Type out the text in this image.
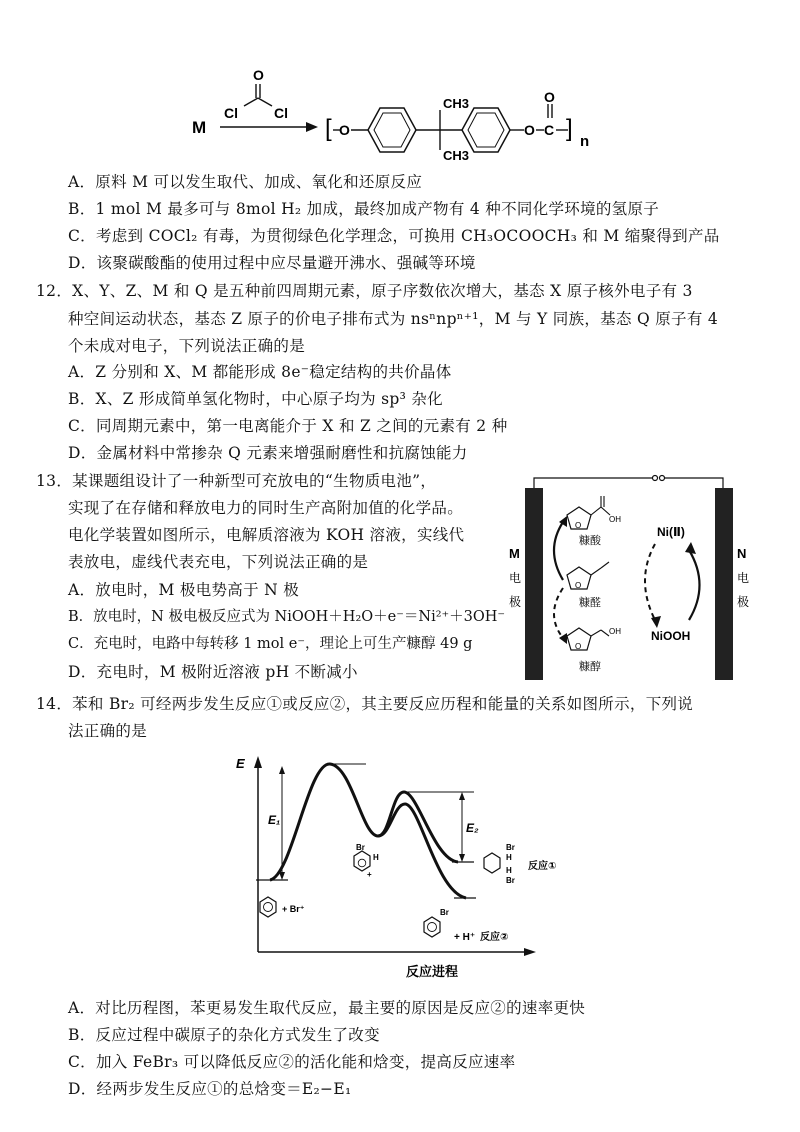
M
O
Cl	Cl
[ O
CH3
CH3
O C
O
] n
A．原料 M 可以发生取代、加成、氧化和还原反应
B．1 mol M 最多可与 8mol H₂ 加成，最终加成产物有 4 种不同化学环境的氢原子
C．考虑到 COCl₂ 有毒，为贯彻绿色化学理念，可换用 CH₃OCOOCH₃ 和 M 缩聚得到产品
D．该聚碳酸酯的使用过程中应尽量避开沸水、强碱等环境
12．X、Y、Z、M 和 Q 是五种前四周期元素，原子序数依次增大，基态 X 原子核外电子有 3
种空间运动状态，基态 Z 原子的价电子排布式为 nsⁿnpⁿ⁺¹，M 与 Y 同族，基态 Q 原子有 4
个未成对电子，下列说法正确的是
A．Z 分别和 X、M 都能形成 8e⁻稳定结构的共价晶体
B．X、Z 形成简单氢化物时，中心原子均为 sp³ 杂化
C．同周期元素中，第一电离能介于 X 和 Z 之间的元素有 2 种
D．金属材料中常掺杂 Q 元素来增强耐磨性和抗腐蚀能力
13．某课题组设计了一种新型可充放电的“生物质电池”，
实现了在存储和释放电力的同时生产高附加值的化学品。
电化学装置如图所示，电解质溶液为 KOH 溶液，实线代
表放电，虚线代表充电，下列说法正确的是
A．放电时，M 极电势高于 N 极
B．放电时，N 极电极反应式为 NiOOH＋H₂O＋e⁻＝Ni²⁺＋3OH⁻
C．充电时，电路中每转移 1 mol e⁻，理论上可生产糠醇 49 g
D．充电时，M 极附近溶液 pH 不断减小
M
电
极
N
电
极
O
OH
糠酸
O
糠醛
O
OH
糠醇
Ni(Ⅱ)
NiOOH
14．苯和 Br₂ 可经两步发生反应①或反应②，其主要反应历程和能量的关系如图所示，下列说
法正确的是
E
反应进程
E₁
E₂
+ Br⁺
Br
H
+
Br
H
H
Br
反应①
Br
+ H⁺ 反应②
A．对比历程图，苯更易发生取代反应，最主要的原因是反应②的速率更快
B．反应过程中碳原子的杂化方式发生了改变
C．加入 FeBr₃ 可以降低反应②的活化能和焓变，提高反应速率
D．经两步发生反应①的总焓变＝E₂−E₁
